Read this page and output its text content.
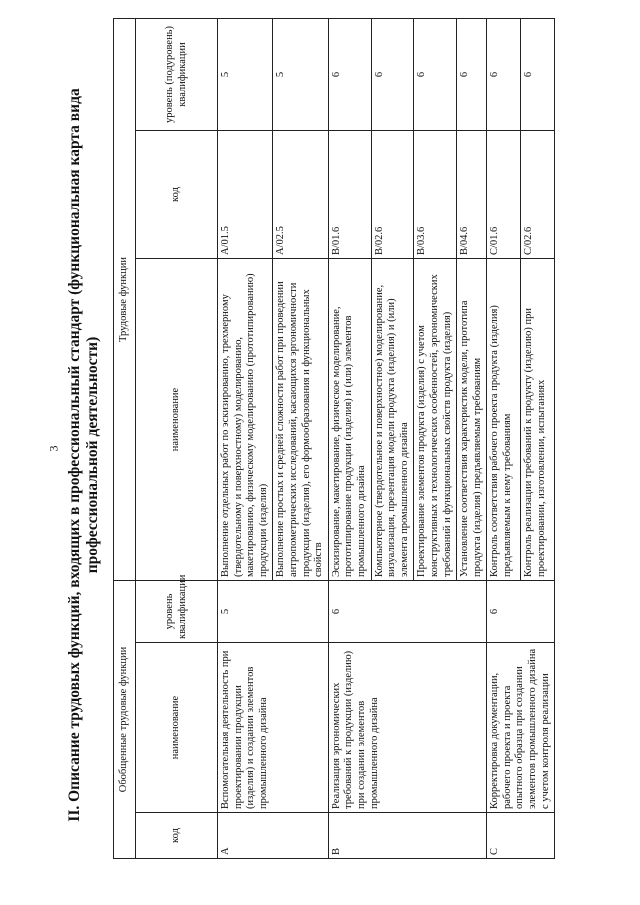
3 II. Описание трудовых функций, входящих в профессиональный стандарт (функциональная карта вида профессиональной деятельности)
Обобщенные трудовые функции			Трудовые функции		
код	наименование	уровень квалификации	наименование	код	уровень (подуровень) квалификации
A	Вспомогательная деятельность при проектировании продукции (изделия) и создании элементов промышленного дизайна	5	Выполнение отдельных работ по эскизированию, трехмерному (твердотельному и поверхностному) моделированию, макетированию, физическому моделированию (прототипированию) продукции (изделия)	A/01.5	5
			Выполнение простых и средней сложности работ при проведении антропометрических исследований, касающихся эргономичности продукции (изделия), его формообразования и функциональных свойств	A/02.5	5
B	Реализация эргономических требований к продукции (изделию) при создании элементов промышленного дизайна	6	Эскизирование, макетирование, физическое моделирование, прототипирование продукции (изделия) и (или) элементов промышленного дизайна	B/01.6	6
			Компьютерное (твердотельное и поверхностное) моделирование, визуализация, презентация модели продукта (изделия) и (или) элемента промышленного дизайна	B/02.6	6
			Проектирование элементов продукта (изделия) с учетом конструктивных и технологических особенностей, эргономических требований и функциональных свойств продукта (изделия)	B/03.6	6
			Установление соответствия характеристик модели, прототипа продукта (изделия) предъявляемым требованиям	B/04.6	6
C	Корректировка документации, рабочего проекта и проекта опытного образца при создании элементов промышленного дизайна с учетом контроля реализации	6	Контроль соответствия рабочего проекта продукта (изделия) предъявляемым к нему требованиям	C/01.6	6
			Контроль реализации требований к продукту (изделию) при проектировании, изготовлении, испытаниях	C/02.6	6
